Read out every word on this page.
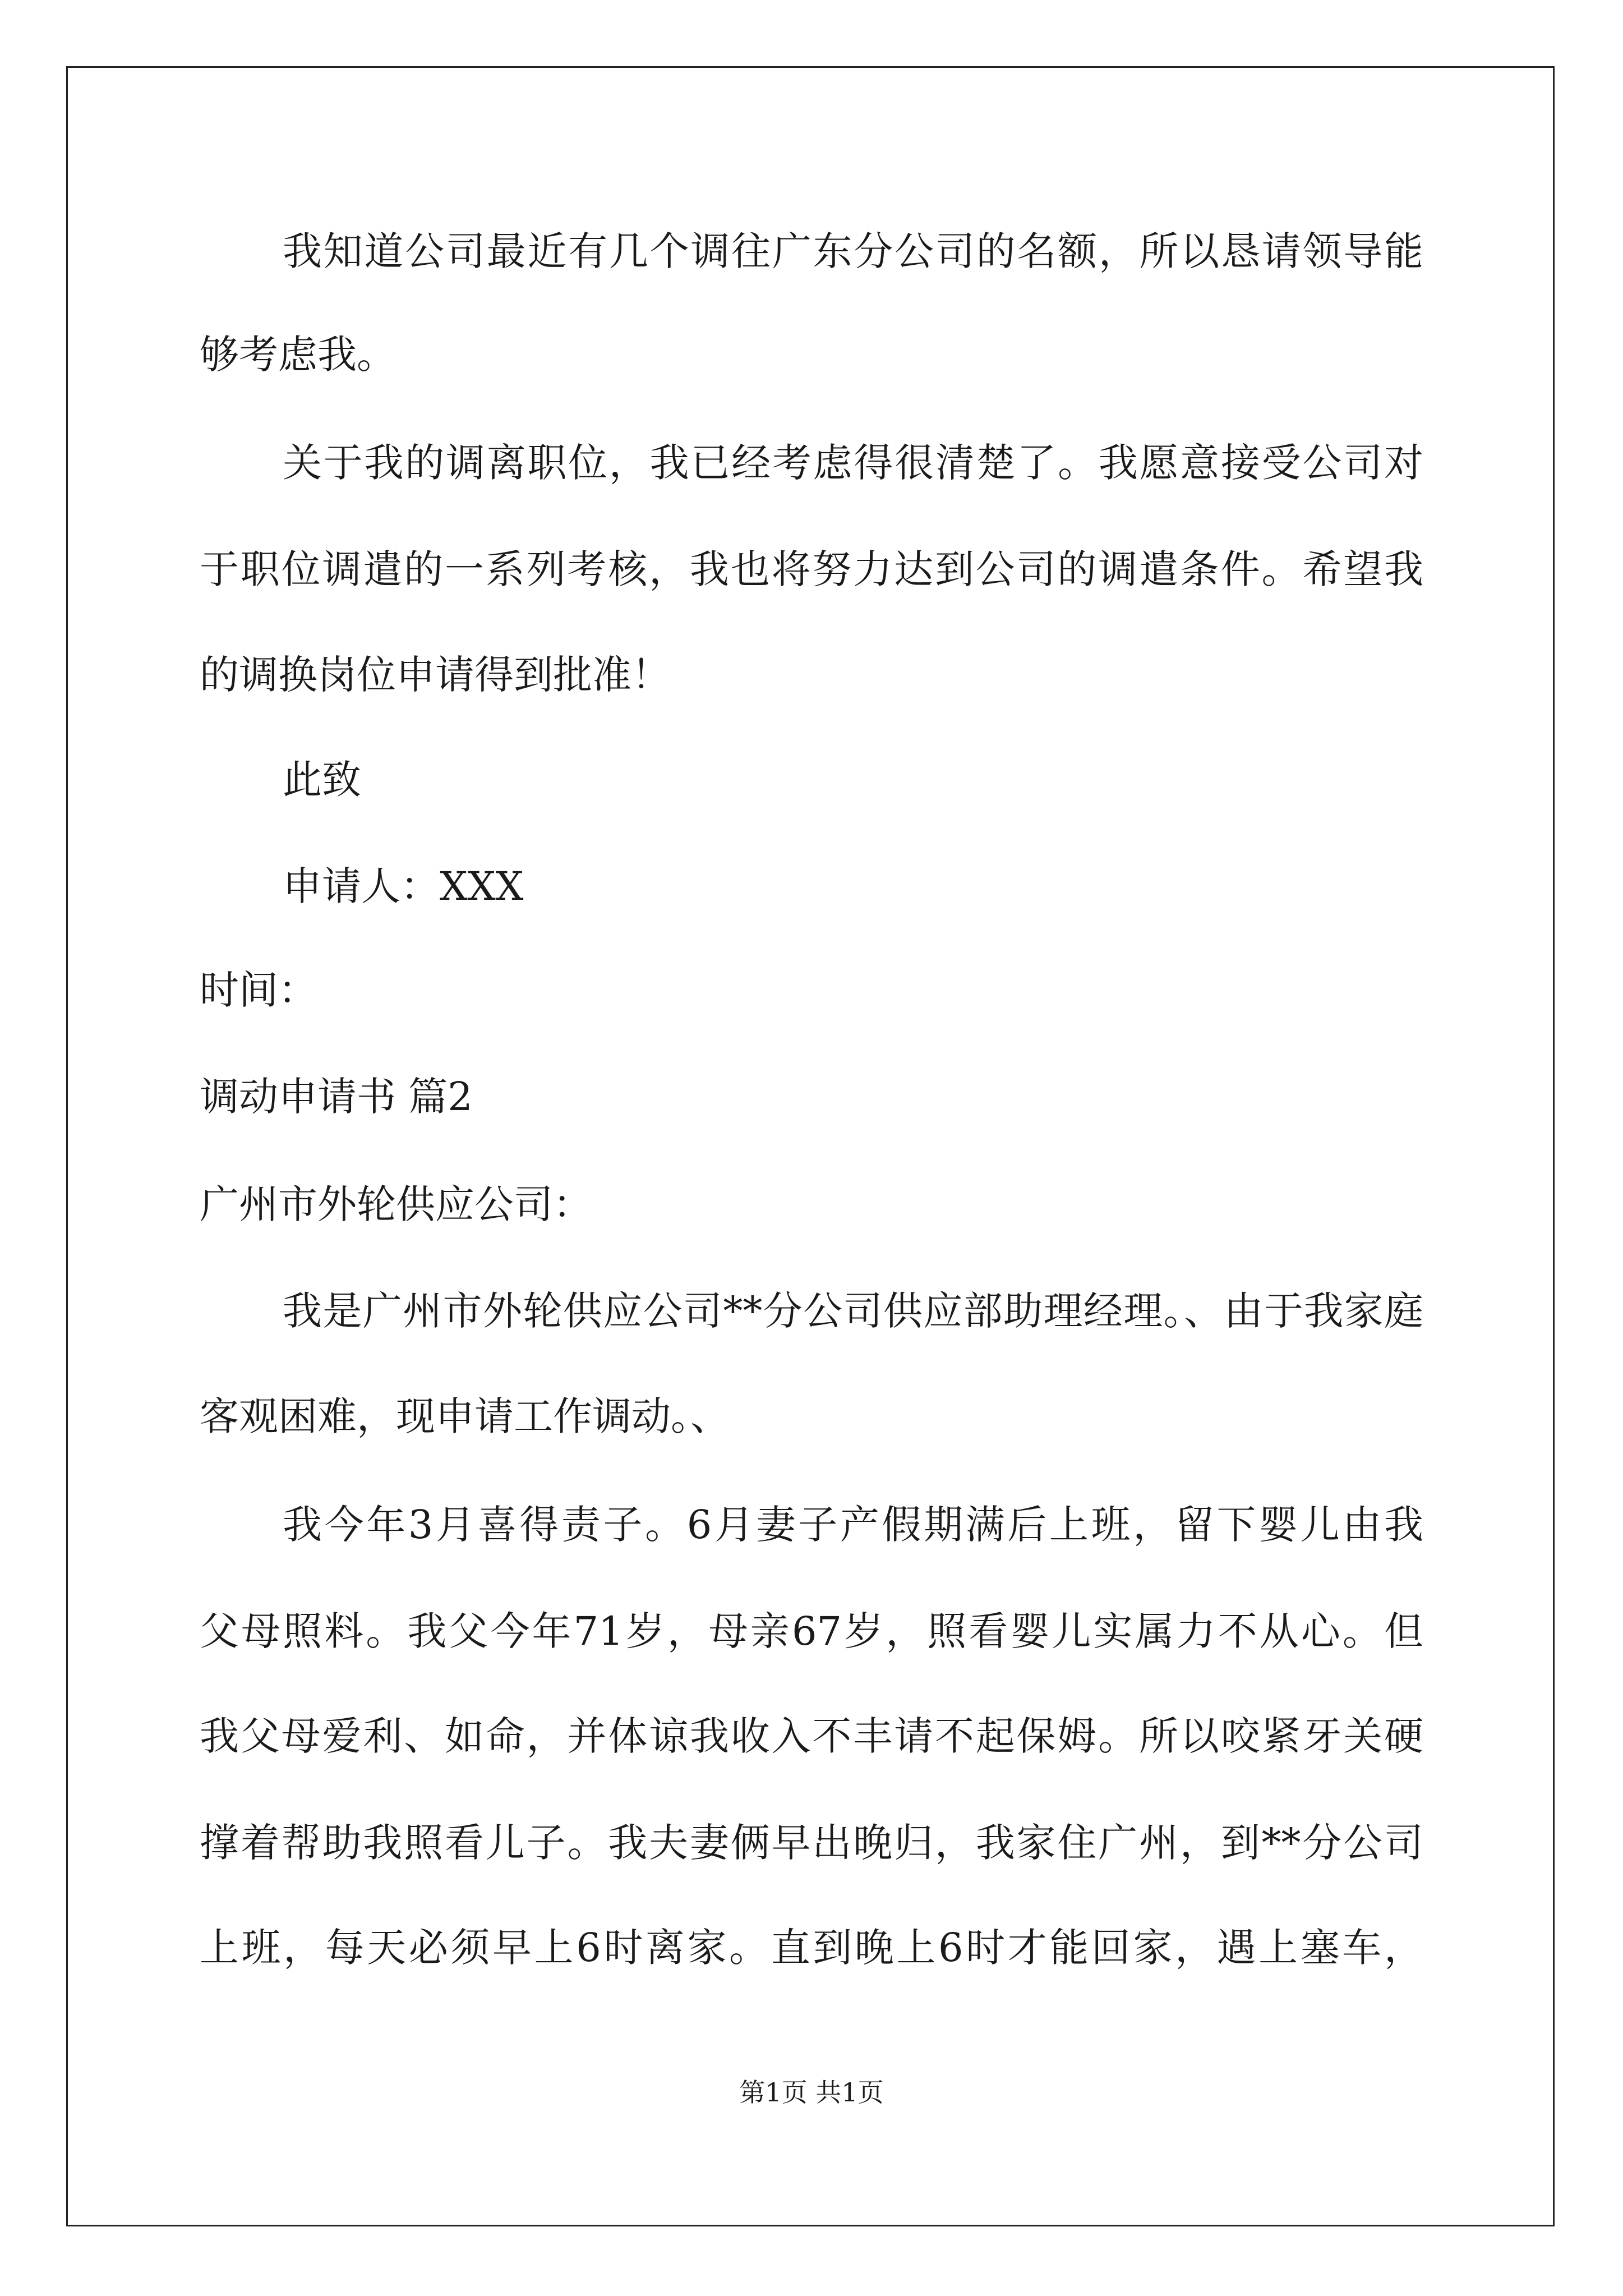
我知道公司最近有几个调往广东分公司的名额，所以恳请领导能
够考虑我。
关于我的调离职位，我已经考虑得很清楚了。我愿意接受公司对
于职位调遣的一系列考核，我也将努力达到公司的调遣条件。希望我
的调换岗位申请得到批准！
此致
申请人：XXX
时间：
调动申请书 篇2
广州市外轮供应公司：
我是广州市外轮供应公司**分公司供应部助理经理。、由于我家庭
客观困难，现申请工作调动。、
我今年3月喜得责子。6月妻子产假期满后上班，留下婴儿由我
父母照料。我父今年71岁，母亲67岁，照看婴儿实属力不从心。但
我父母爱利、如命，并体谅我收入不丰请不起保姆。所以咬紧牙关硬
撑着帮助我照看儿子。我夫妻俩早出晚归，我家住广州，到**分公司
上班，每天必须早上6时离家。直到晚上6时才能回家，遇上塞车，
第1页 共1页
